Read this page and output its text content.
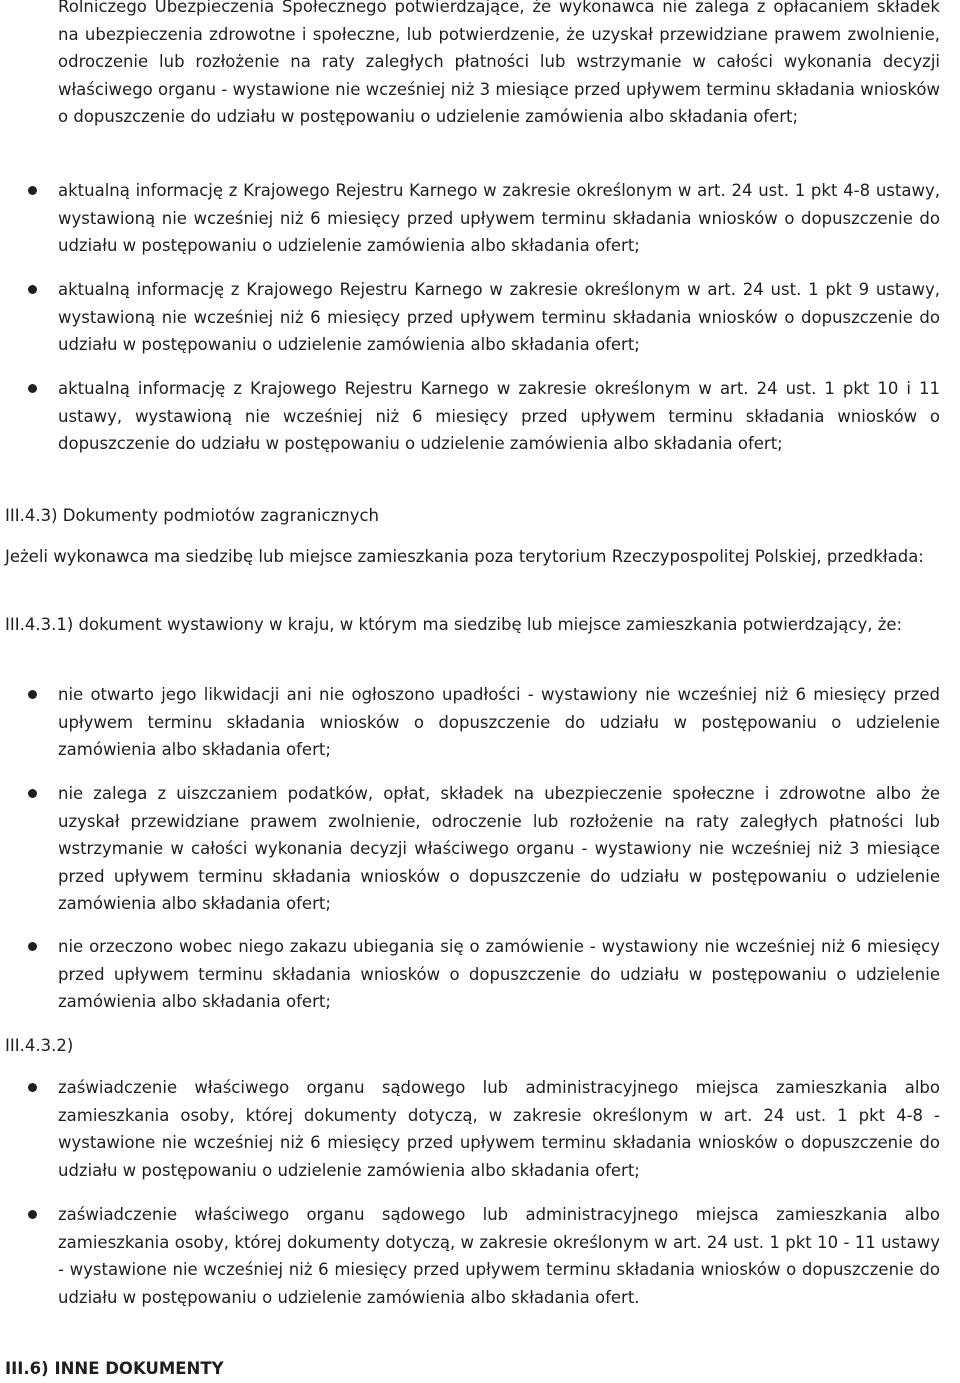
Rolniczego Ubezpieczenia Społecznego potwierdzające, że wykonawca nie zalega z opłacaniem składek na ubezpieczenia zdrowotne i społeczne, lub potwierdzenie, że uzyskał przewidziane prawem zwolnienie, odroczenie lub rozłożenie na raty zaległych płatności lub wstrzymanie w całości wykonania decyzji właściwego organu - wystawione nie wcześniej niż 3 miesiące przed upływem terminu składania wniosków o dopuszczenie do udziału w postępowaniu o udzielenie zamówienia albo składania ofert;

aktualną informację z Krajowego Rejestru Karnego w zakresie określonym w art. 24 ust. 1 pkt 4-8 ustawy, wystawioną nie wcześniej niż 6 miesięcy przed upływem terminu składania wniosków o dopuszczenie do udziału w postępowaniu o udzielenie zamówienia albo składania ofert;
aktualną informację z Krajowego Rejestru Karnego w zakresie określonym w art. 24 ust. 1 pkt 9 ustawy, wystawioną nie wcześniej niż 6 miesięcy przed upływem terminu składania wniosków o dopuszczenie do udziału w postępowaniu o udzielenie zamówienia albo składania ofert;
aktualną informację z Krajowego Rejestru Karnego w zakresie określonym w art. 24 ust. 1 pkt 10 i 11 ustawy, wystawioną nie wcześniej niż 6 miesięcy przed upływem terminu składania wniosków o dopuszczenie do udziału w postępowaniu o udzielenie zamówienia albo składania ofert;

III.4.3) Dokumenty podmiotów zagranicznych

Jeżeli wykonawca ma siedzibę lub miejsce zamieszkania poza terytorium Rzeczypospolitej Polskiej, przedkłada:

III.4.3.1) dokument wystawiony w kraju, w którym ma siedzibę lub miejsce zamieszkania potwierdzający, że:

nie otwarto jego likwidacji ani nie ogłoszono upadłości - wystawiony nie wcześniej niż 6 miesięcy przed upływem terminu składania wniosków o dopuszczenie do udziału w postępowaniu o udzielenie zamówienia albo składania ofert;
nie zalega z uiszczaniem podatków, opłat, składek na ubezpieczenie społeczne i zdrowotne albo że uzyskał przewidziane prawem zwolnienie, odroczenie lub rozłożenie na raty zaległych płatności lub wstrzymanie w całości wykonania decyzji właściwego organu - wystawiony nie wcześniej niż 3 miesiące przed upływem terminu składania wniosków o dopuszczenie do udziału w postępowaniu o udzielenie zamówienia albo składania ofert;
nie orzeczono wobec niego zakazu ubiegania się o zamówienie - wystawiony nie wcześniej niż 6 miesięcy przed upływem terminu składania wniosków o dopuszczenie do udziału w postępowaniu o udzielenie zamówienia albo składania ofert;

III.4.3.2)

zaświadczenie właściwego organu sądowego lub administracyjnego miejsca zamieszkania albo zamieszkania osoby, której dokumenty dotyczą, w zakresie określonym w art. 24 ust. 1 pkt 4-8 - wystawione nie wcześniej niż 6 miesięcy przed upływem terminu składania wniosków o dopuszczenie do udziału w postępowaniu o udzielenie zamówienia albo składania ofert;
zaświadczenie właściwego organu sądowego lub administracyjnego miejsca zamieszkania albo zamieszkania osoby, której dokumenty dotyczą, w zakresie określonym w art. 24 ust. 1 pkt 10 - 11 ustawy - wystawione nie wcześniej niż 6 miesięcy przed upływem terminu składania wniosków o dopuszczenie do udziału w postępowaniu o udzielenie zamówienia albo składania ofert.

III.6) INNE DOKUMENTY
